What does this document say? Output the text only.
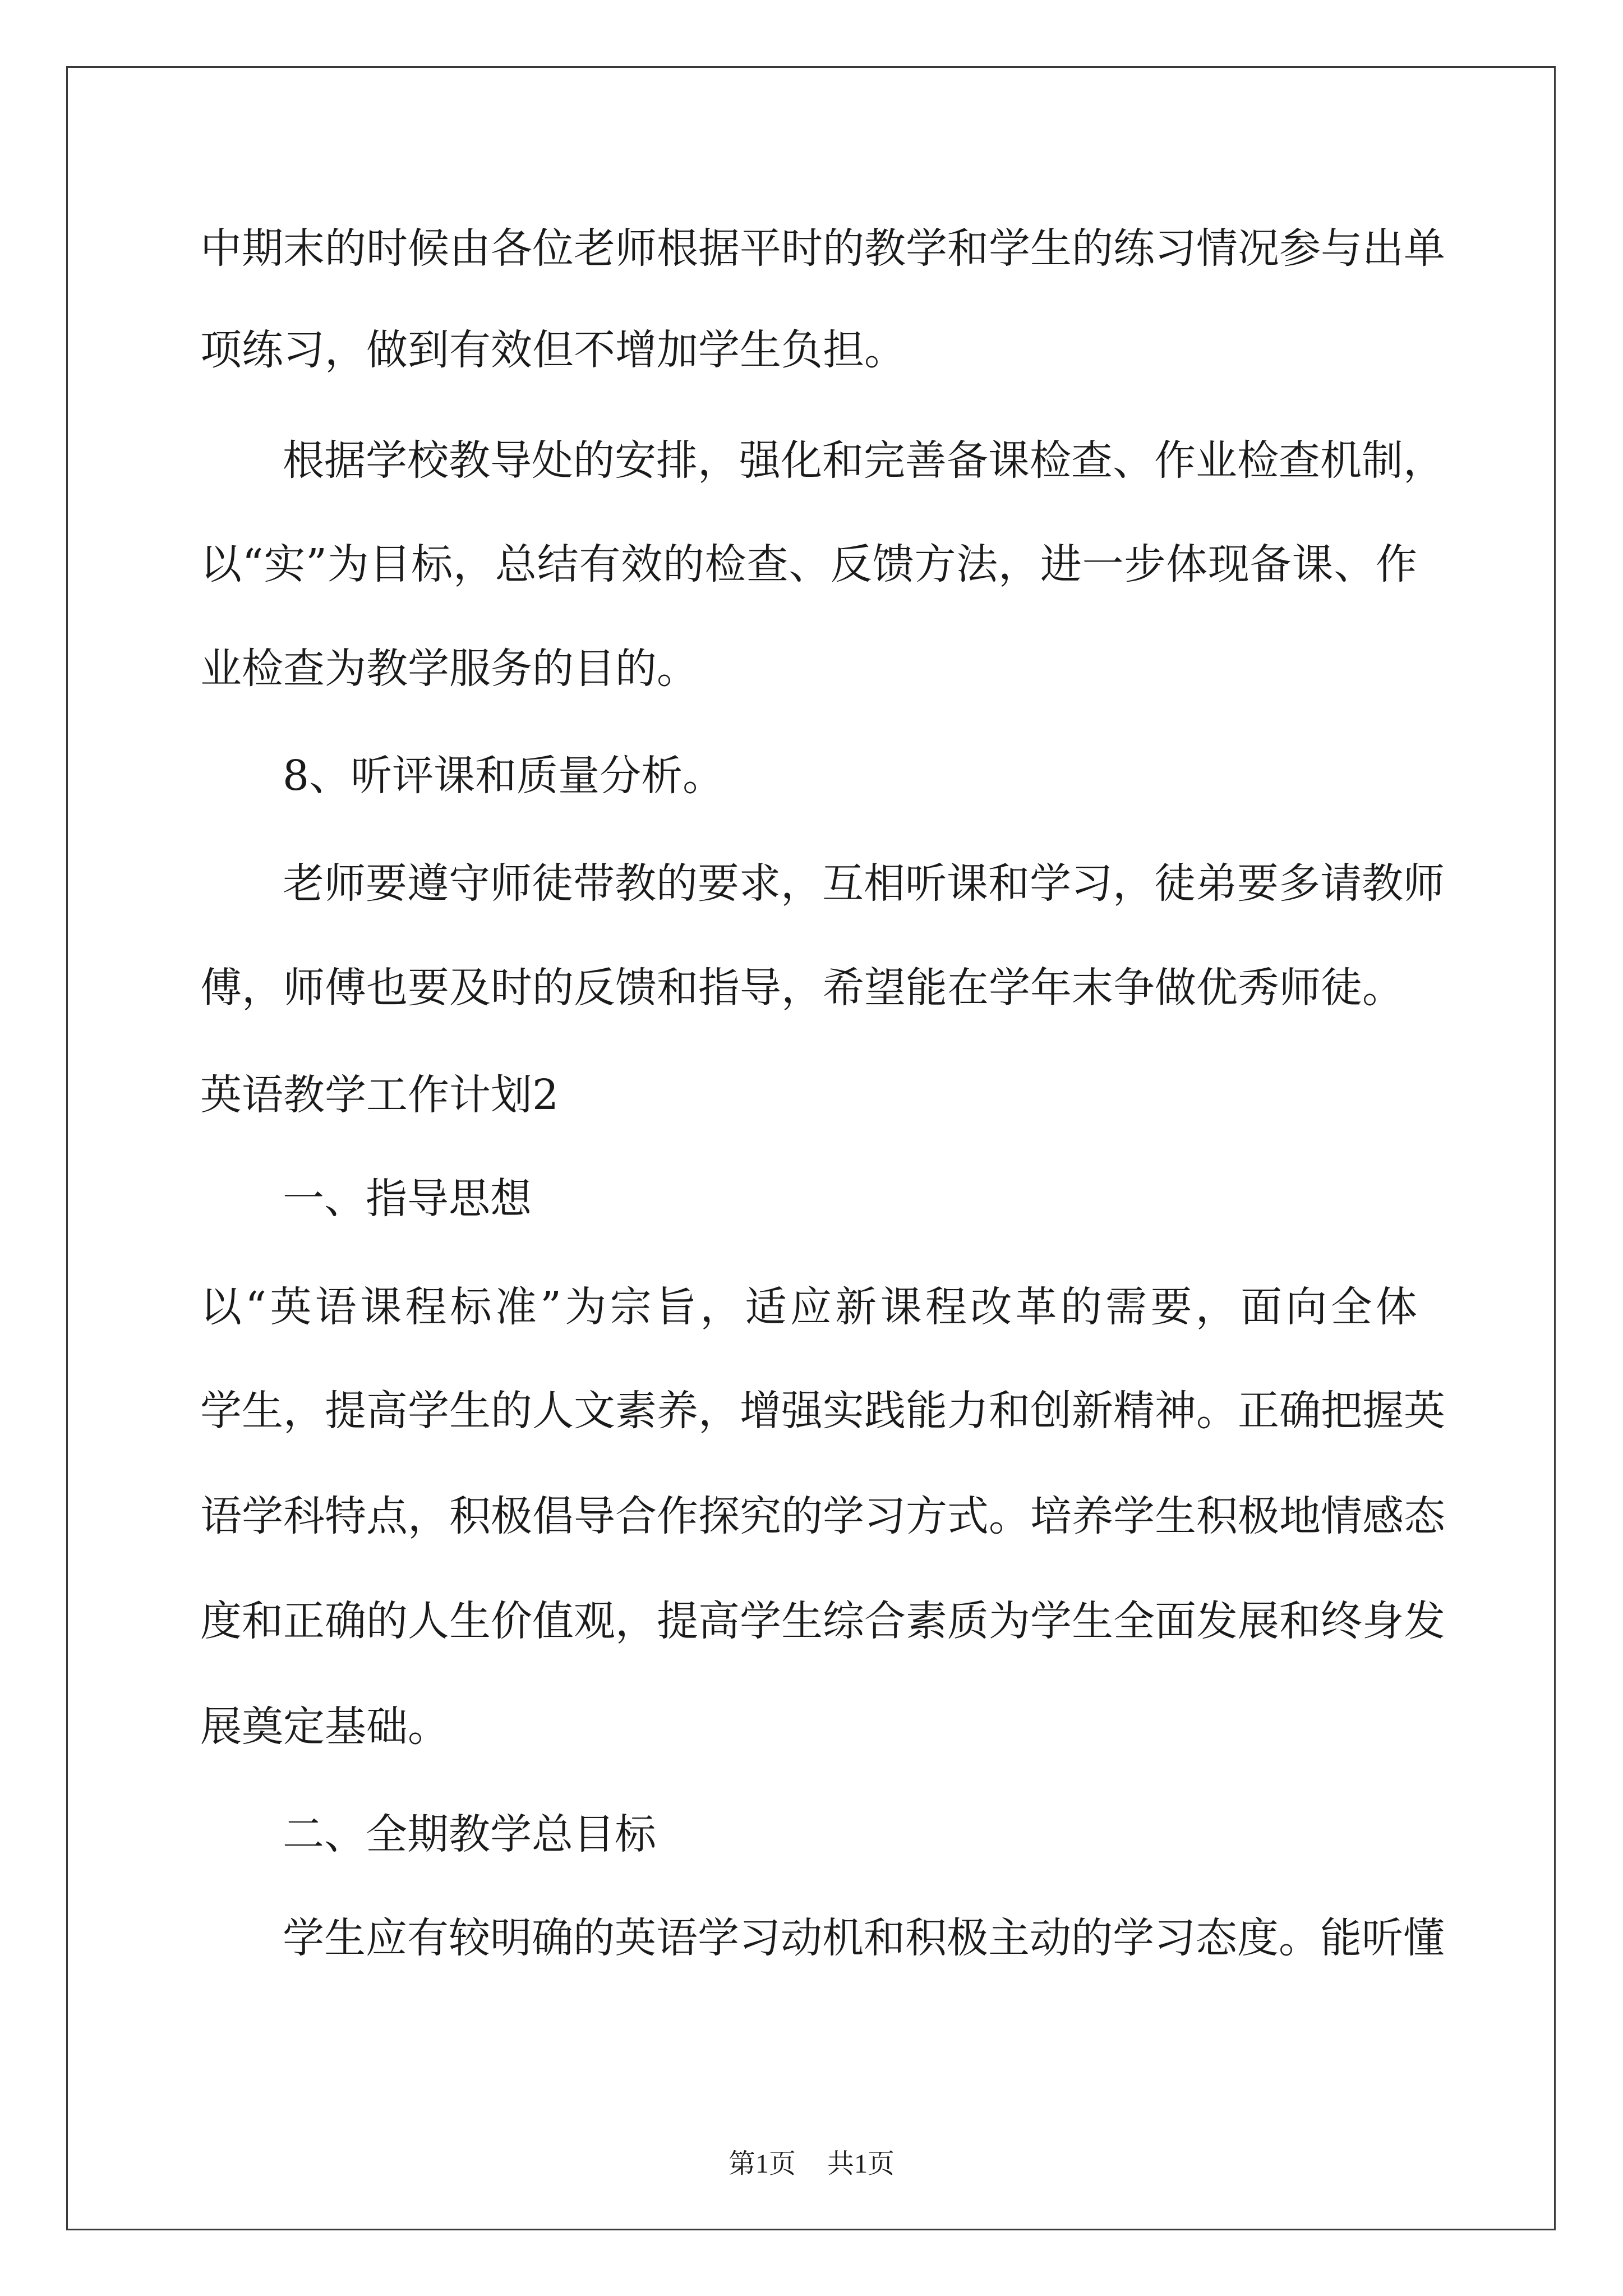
中期末的时候由各位老师根据平时的教学和学生的练习情况参与出单
项练习，做到有效但不增加学生负担。
根据学校教导处的安排，强化和完善备课检查、作业检查机制，
以“实”为目标，总结有效的检查、反馈方法，进一步体现备课、作
业检查为教学服务的目的。
8、听评课和质量分析。
老师要遵守师徒带教的要求，互相听课和学习，徒弟要多请教师
傅，师傅也要及时的反馈和指导，希望能在学年末争做优秀师徒。
英语教学工作计划2
一、指导思想
以“英语课程标准”为宗旨，适应新课程改革的需要，面向全体
学生，提高学生的人文素养，增强实践能力和创新精神。正确把握英
语学科特点，积极倡导合作探究的学习方式。培养学生积极地情感态
度和正确的人生价值观，提高学生综合素质为学生全面发展和终身发
展奠定基础。
二、全期教学总目标
学生应有较明确的英语学习动机和积极主动的学习态度。能听懂
第1页 共1页
